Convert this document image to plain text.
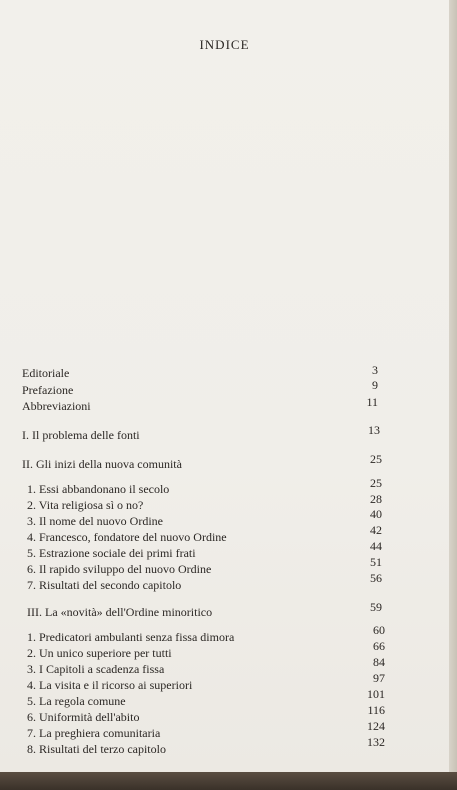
INDICE
Editoriale	3
Prefazione	9
Abbreviazioni	11
I. Il problema delle fonti	13
II. Gli inizi della nuova comunità	25
1. Essi abbandonano il secolo	25
2. Vita religiosa sì o no?	28
3. Il nome del nuovo Ordine	40
4. Francesco, fondatore del nuovo Ordine	42
5. Estrazione sociale dei primi frati	44
6. Il rapido sviluppo del nuovo Ordine	51
7. Risultati del secondo capitolo	56
III. La «novità» dell'Ordine minoritico	59
1. Predicatori ambulanti senza fissa dimora	60
2. Un unico superiore per tutti	66
3. I Capitoli a scadenza fissa	84
4. La visita e il ricorso ai superiori	97
5. La regola comune	101
6. Uniformità dell'abito	116
7. La preghiera comunitaria	124
8. Risultati del terzo capitolo	132
